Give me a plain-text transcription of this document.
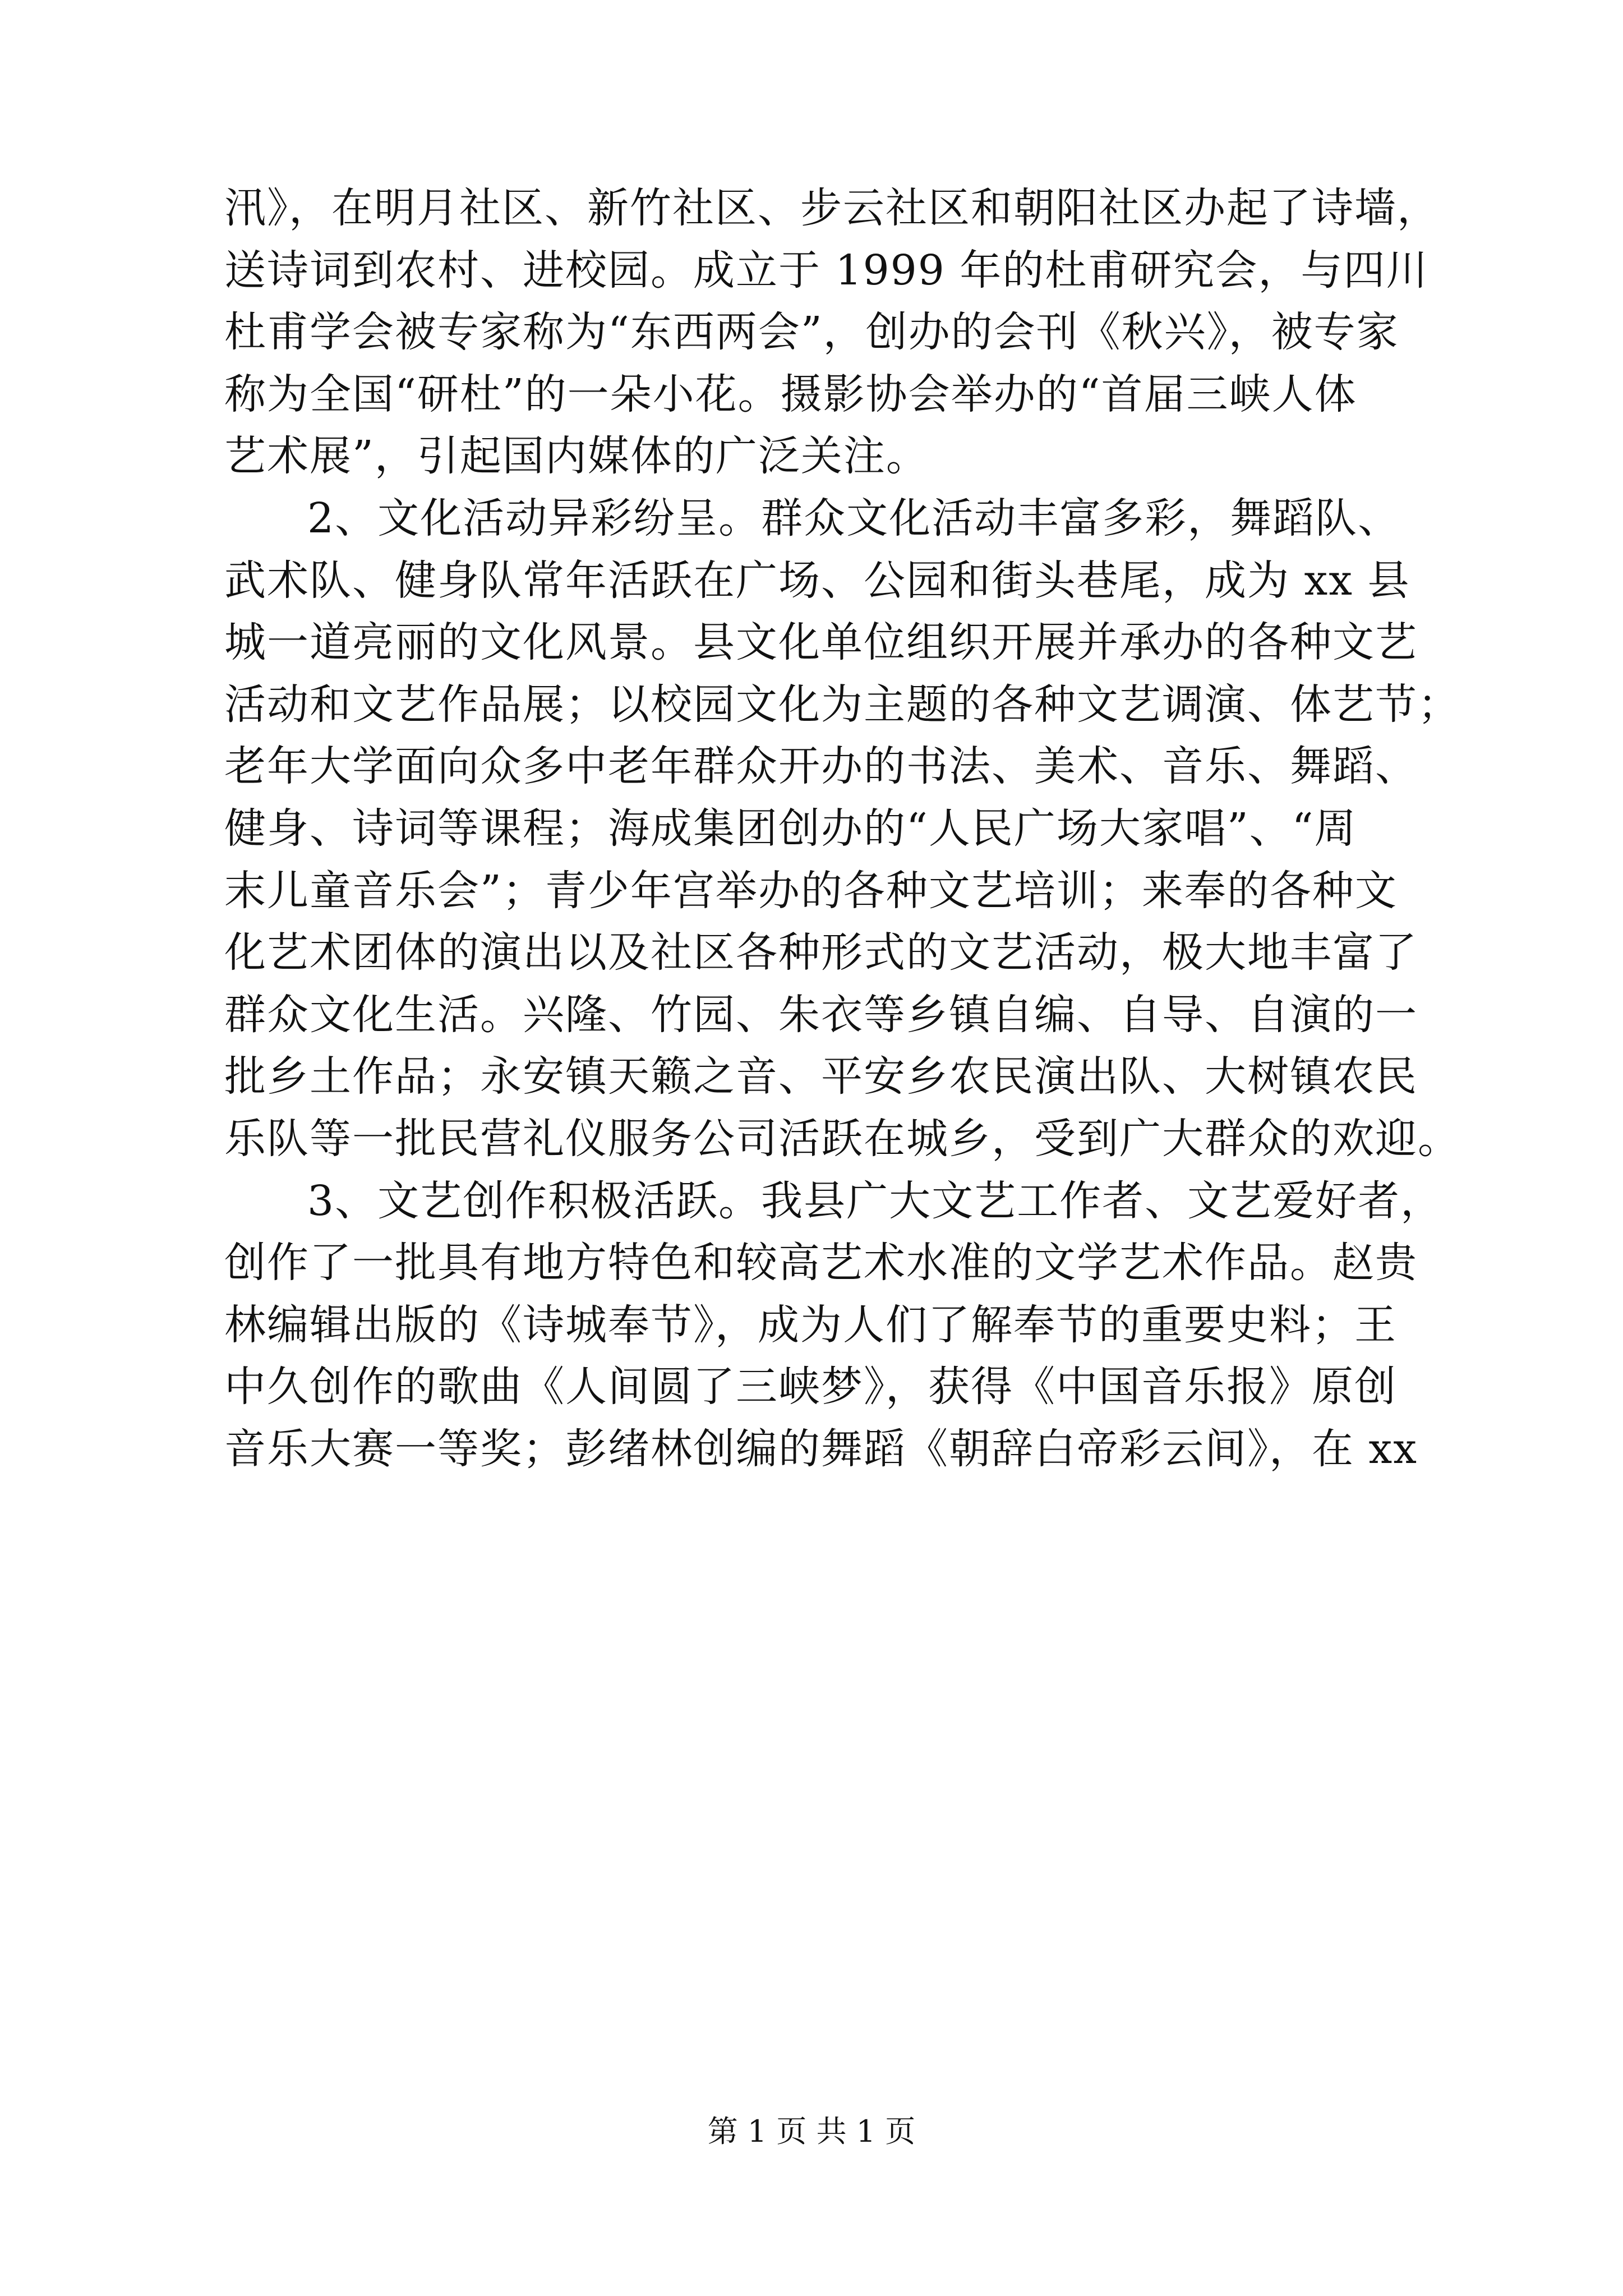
汛》，在明月社区、新竹社区、步云社区和朝阳社区办起了诗墙，
送诗词到农村、进校园。成立于 1999 年的杜甫研究会，与四川
杜甫学会被专家称为“东西两会”，创办的会刊《秋兴》，被专家
称为全国“研杜”的一朵小花。摄影协会举办的“首届三峡人体
艺术展”，引起国内媒体的广泛关注。
2、文化活动异彩纷呈。群众文化活动丰富多彩，舞蹈队、
武术队、健身队常年活跃在广场、公园和街头巷尾，成为 xx 县
城一道亮丽的文化风景。县文化单位组织开展并承办的各种文艺
活动和文艺作品展；以校园文化为主题的各种文艺调演、体艺节；
老年大学面向众多中老年群众开办的书法、美术、音乐、舞蹈、
健身、诗词等课程；海成集团创办的“人民广场大家唱”、“周
末儿童音乐会”；青少年宫举办的各种文艺培训；来奉的各种文
化艺术团体的演出以及社区各种形式的文艺活动，极大地丰富了
群众文化生活。兴隆、竹园、朱衣等乡镇自编、自导、自演的一
批乡土作品；永安镇天籁之音、平安乡农民演出队、大树镇农民
乐队等一批民营礼仪服务公司活跃在城乡，受到广大群众的欢迎。
3、文艺创作积极活跃。我县广大文艺工作者、文艺爱好者，
创作了一批具有地方特色和较高艺术水准的文学艺术作品。赵贵
林编辑出版的《诗城奉节》，成为人们了解奉节的重要史料；王
中久创作的歌曲《人间圆了三峡梦》，获得《中国音乐报》原创
音乐大赛一等奖；彭绪林创编的舞蹈《朝辞白帝彩云间》，在 xx
第 1 页 共 1 页
